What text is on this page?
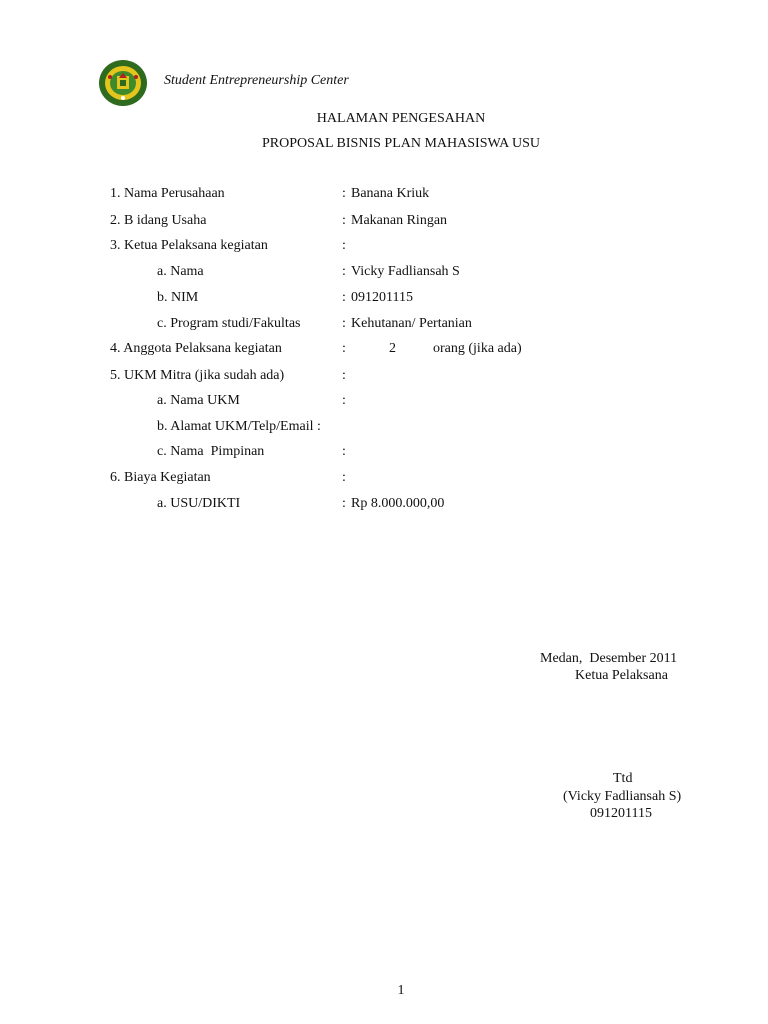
Student Entrepreneurship Center
HALAMAN PENGESAHAN
PROPOSAL BISNIS PLAN MAHASISWA USU
1. Nama Perusahaan	: Banana Kriuk
2. B idang Usaha	: Makanan Ringan
3. Ketua Pelaksana kegiatan	:
a. Nama	: Vicky Fadliansah S
b. NIM	: 091201115
c. Program studi/Fakultas	: Kehutanan/ Pertanian
4. Anggota Pelaksana kegiatan	:	2	orang (jika ada)
5. UKM Mitra (jika sudah ada)	:
a. Nama UKM	:
b. Alamat UKM/Telp/Email :
c. Nama  Pimpinan	:
6. Biaya Kegiatan	:
a. USU/DIKTI	: Rp 8.000.000,00
Medan,  Desember 2011
Ketua Pelaksana
Ttd
(Vicky Fadliansah S)
091201115
1
